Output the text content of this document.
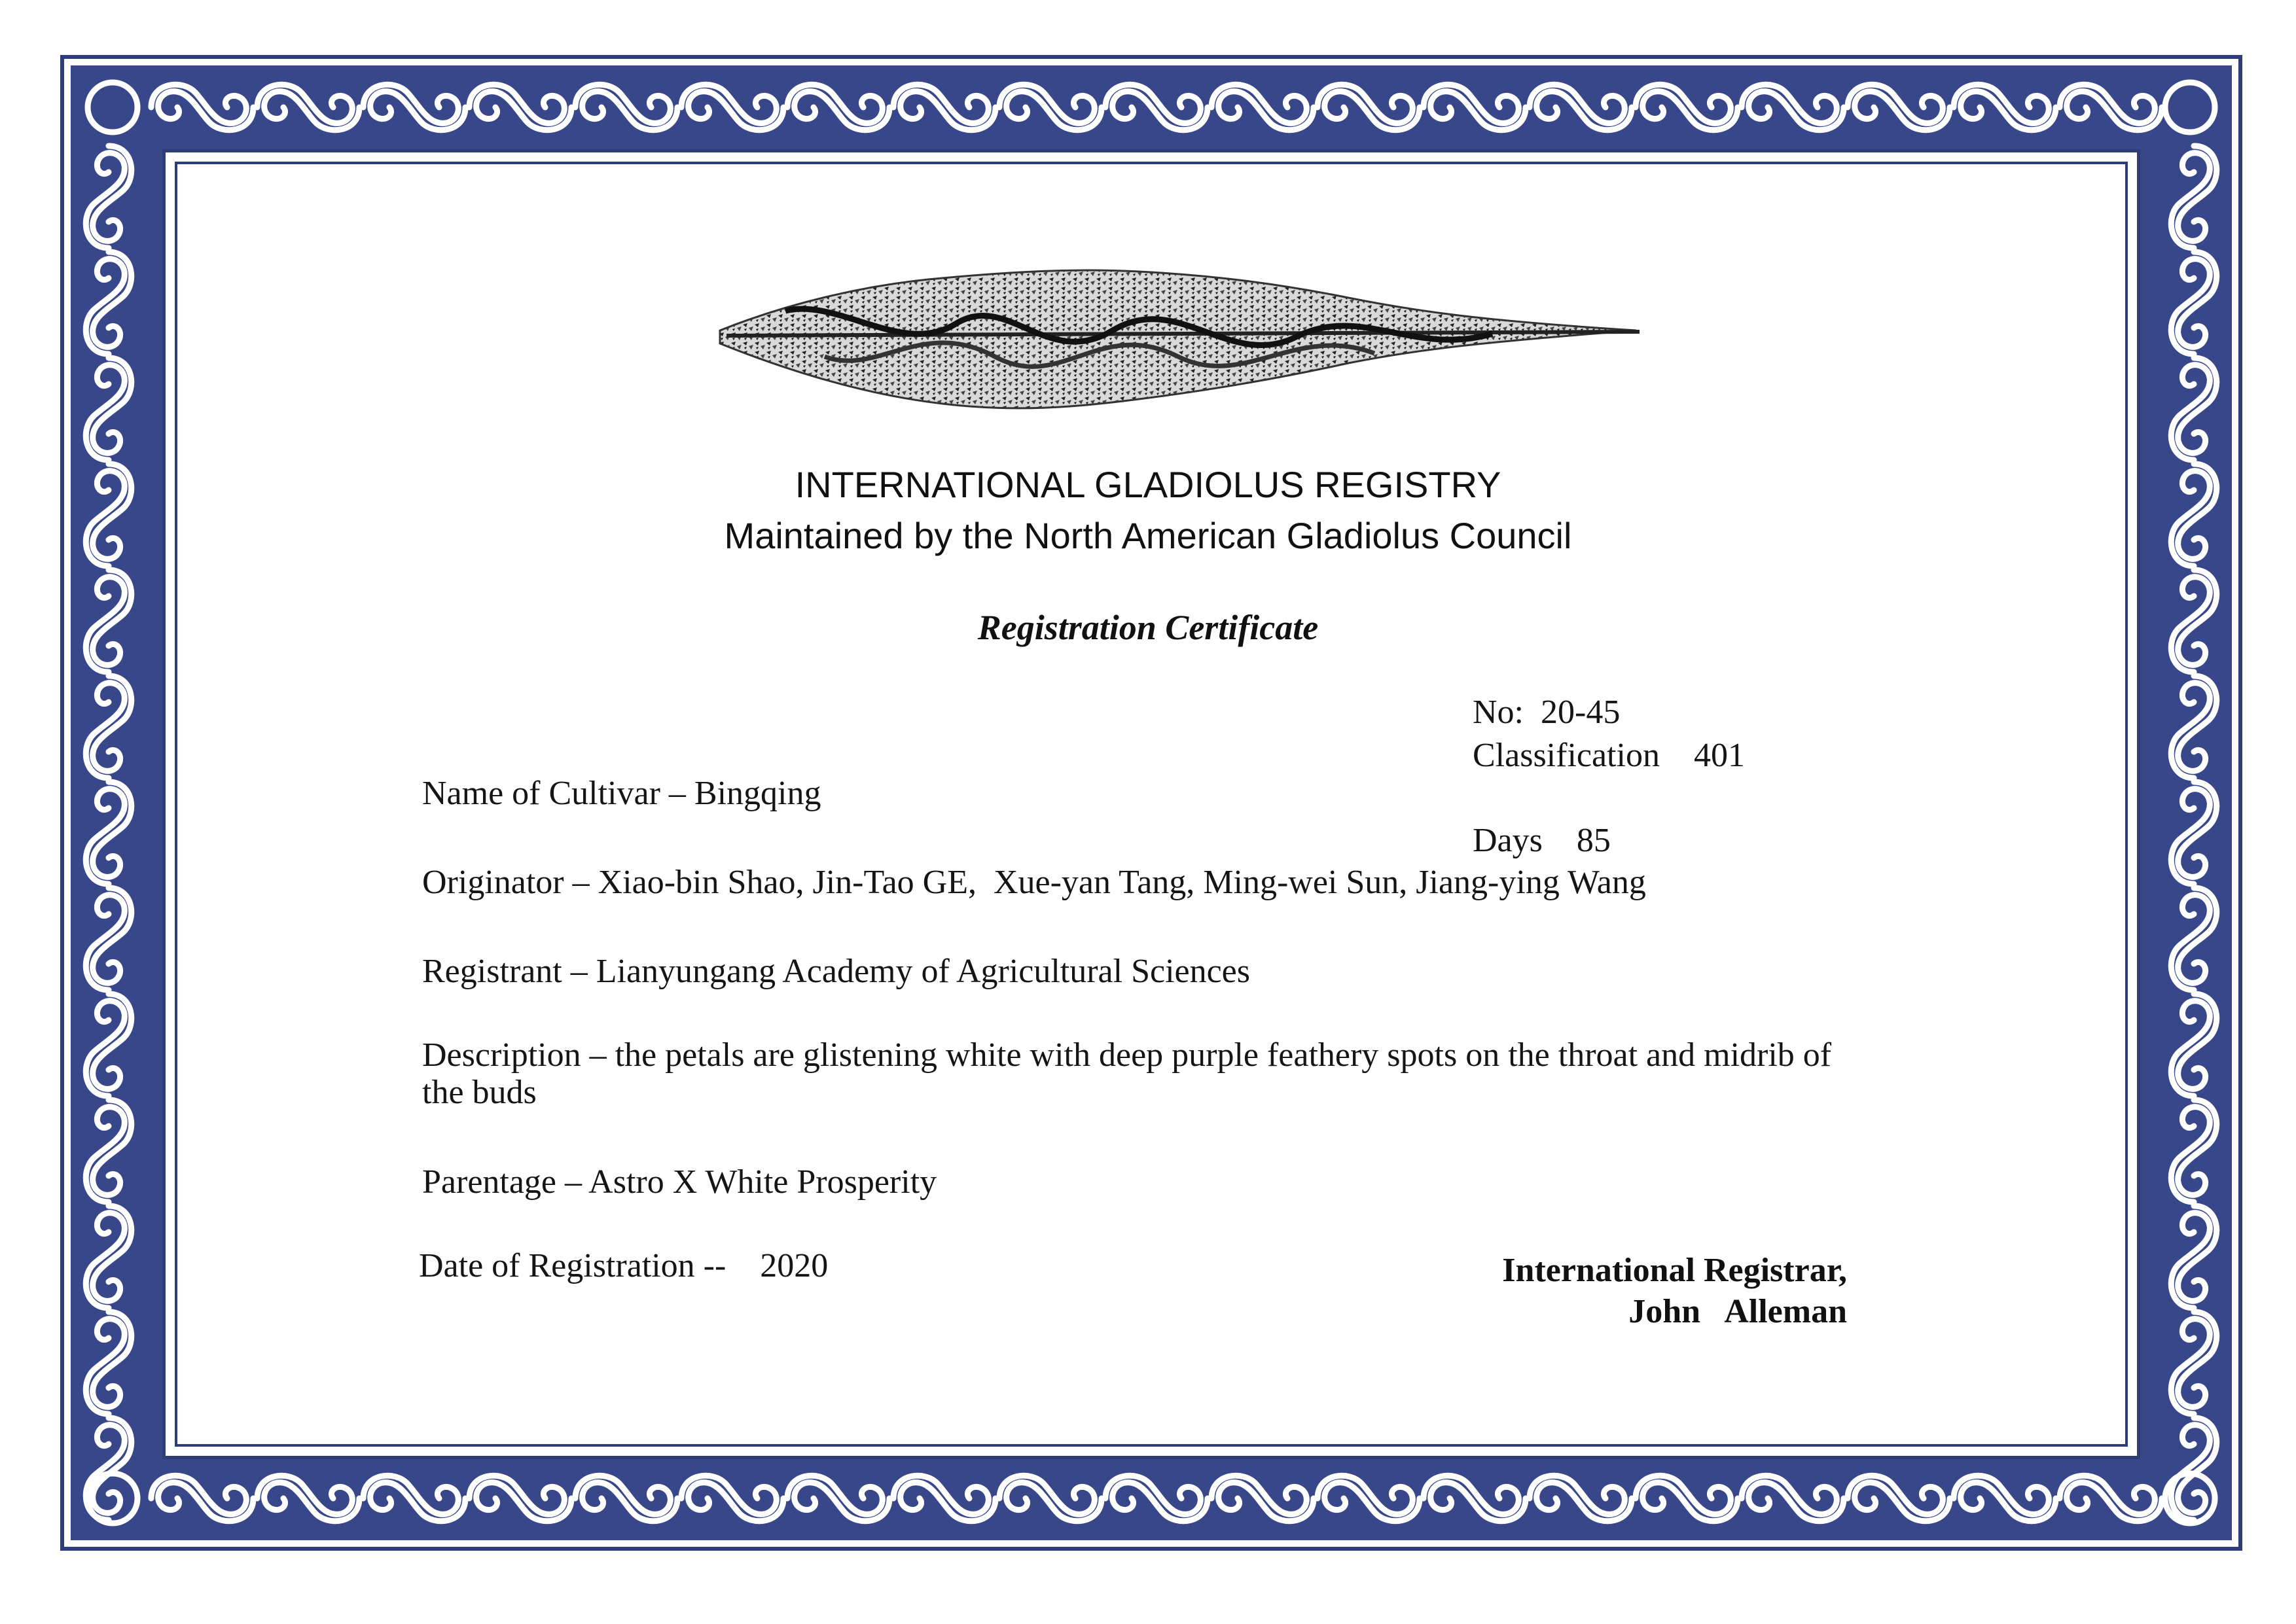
INTERNATIONAL GLADIOLUS REGISTRY
Maintained by the North American Gladiolus Council
Registration Certificate
No: 20-45
Classification 401
Name of Cultivar – Bingqing
Days 85
Originator – Xiao-bin Shao, Jin-Tao GE,  Xue-yan Tang, Ming-wei Sun, Jiang-ying Wang
Registrant – Lianyungang Academy of Agricultural Sciences
Description – the petals are glistening white with deep purple feathery spots on the throat and midrib of the buds
Parentage – Astro X White Prosperity
Date of Registration -- 2020	International Registrar,
John   Alleman
